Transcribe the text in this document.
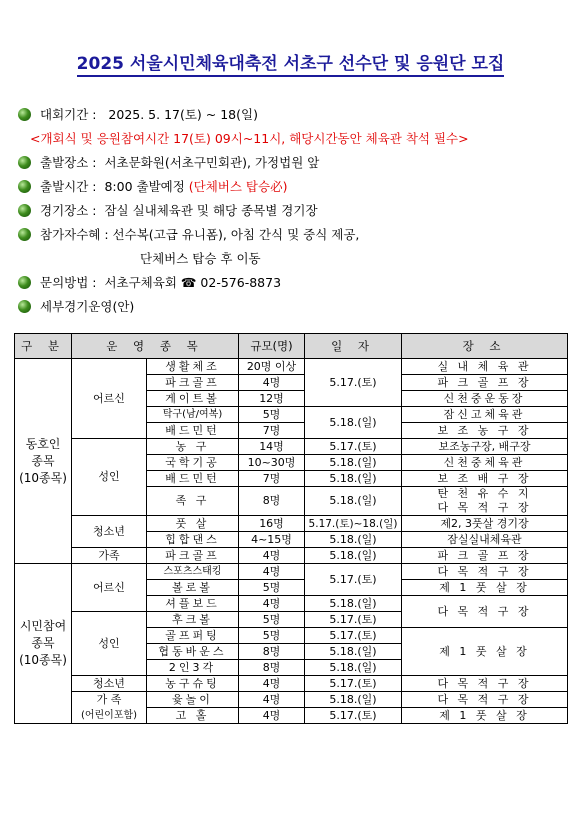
2025 서울시민체육대축전 서초구 선수단 및 응원단 모집
대회기간 : 2025. 5. 17(토) ~ 18(일)
<개회식 및 응원참여시간 17(토) 09시~11시, 해당시간동안 체육관 착석 필수>
출발장소 : 서초문화원(서초구민회관), 가정법원 앞
출발시간 : 8:00 출발예정 (단체버스 탑승必)
경기장소 : 잠실 실내체육관 및 해당 종목별 경기장
참가자수혜 : 선수복(고급 유니폼), 아침 간식 및 중식 제공,
단체버스 탑승 후 이동
문의방법 : 서초구체육회 ☎ 02-576-8873
세부경기운영(안)
구 분	운 영 종 목		규모(명)	일 자	장 소
동호인
종목
(10종목)	어르신	생활체조	20명 이상	5.17.(토)	실 내 체 육 관
		파크골프	4명		파 크 골 프 장
		게이트볼	12명		신천중운동장
		탁구(남/여복)	5명	5.18.(일)	잠신고체육관
		배드민턴	7명		보 조 농 구 장
	성인	농 구	14명	5.17.(토)	보조농구장, 배구장
		국학기공	10~30명	5.18.(일)	신천중체육관
		배드민턴	7명	5.18.(일)	보 조 배 구 장
		족 구	8명	5.18.(일)	탄 천 유 수 지
다 목 적 구 장
	청소년	풋 살	16명	5.17.(토)~18.(일)	제2, 3풋살 경기장
		힙합댄스	4~15명	5.18.(일)	잠실실내체육관
	가족	파크골프	4명	5.18.(일)	파 크 골 프 장
시민참여
종목
(10종목)	어르신	스포츠스태킹	4명	5.17.(토)	다 목 적 구 장
		볼로볼	5명		제 1 풋 살 장
		셔플보드	4명	5.18.(일)	다 목 적 구 장
	성인	후크볼	5명	5.17.(토)	
		골프퍼팅	5명	5.17.(토)	제 1 풋 살 장
		협동바운스	8명	5.18.(일)	
		2인3각	8명	5.18.(일)	
	청소년	농구슈팅	4명	5.17.(토)	다 목 적 구 장
	가 족
(어린이포함)	윷놀이	4명	5.18.(일)	다 목 적 구 장
		고 홀	4명	5.17.(토)	제 1 풋 살 장
